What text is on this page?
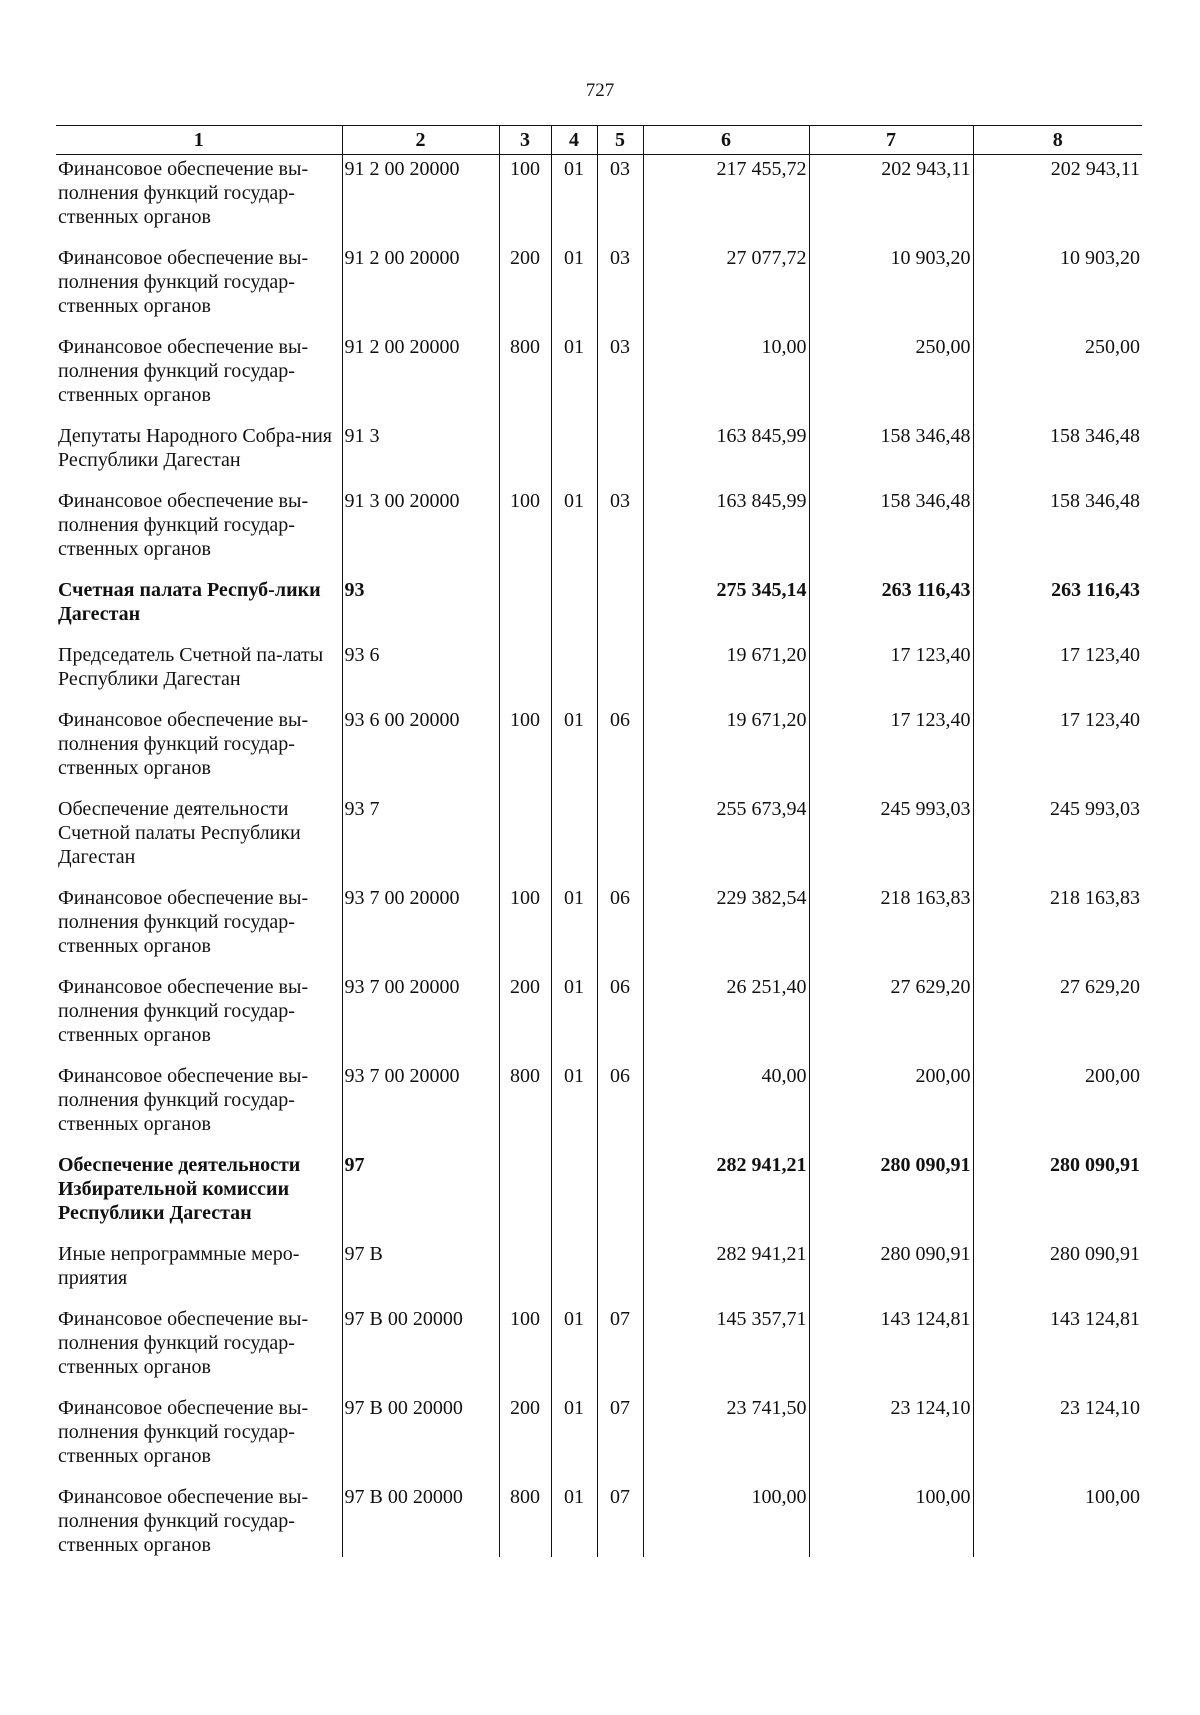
727
1	2	3	4	5	6	7	8
Финансовое обеспечение вы-полнения функций государ-ственных органов	91 2 00 20000	100	01	03	217 455,72	202 943,11	202 943,11
Финансовое обеспечение вы-полнения функций государ-ственных органов	91 2 00 20000	200	01	03	27 077,72	10 903,20	10 903,20
Финансовое обеспечение вы-полнения функций государ-ственных органов	91 2 00 20000	800	01	03	10,00	250,00	250,00
Депутаты Народного Собра-ния Республики Дагестан	91 3				163 845,99	158 346,48	158 346,48
Финансовое обеспечение вы-полнения функций государ-ственных органов	91 3 00 20000	100	01	03	163 845,99	158 346,48	158 346,48
Счетная палата Респуб-лики Дагестан	93				275 345,14	263 116,43	263 116,43
Председатель Счетной па-латы Республики Дагестан	93 6				19 671,20	17 123,40	17 123,40
Финансовое обеспечение вы-полнения функций государ-ственных органов	93 6 00 20000	100	01	06	19 671,20	17 123,40	17 123,40
Обеспечение деятельности Счетной палаты Республики Дагестан	93 7				255 673,94	245 993,03	245 993,03
Финансовое обеспечение вы-полнения функций государ-ственных органов	93 7 00 20000	100	01	06	229 382,54	218 163,83	218 163,83
Финансовое обеспечение вы-полнения функций государ-ственных органов	93 7 00 20000	200	01	06	26 251,40	27 629,20	27 629,20
Финансовое обеспечение вы-полнения функций государ-ственных органов	93 7 00 20000	800	01	06	40,00	200,00	200,00
Обеспечение деятельности Избирательной комиссии Республики Дагестан	97				282 941,21	280 090,91	280 090,91
Иные непрограммные меро-приятия	97 В				282 941,21	280 090,91	280 090,91
Финансовое обеспечение вы-полнения функций государ-ственных органов	97 В 00 20000	100	01	07	145 357,71	143 124,81	143 124,81
Финансовое обеспечение вы-полнения функций государ-ственных органов	97 В 00 20000	200	01	07	23 741,50	23 124,10	23 124,10
Финансовое обеспечение вы-полнения функций государ-ственных органов	97 В 00 20000	800	01	07	100,00	100,00	100,00
